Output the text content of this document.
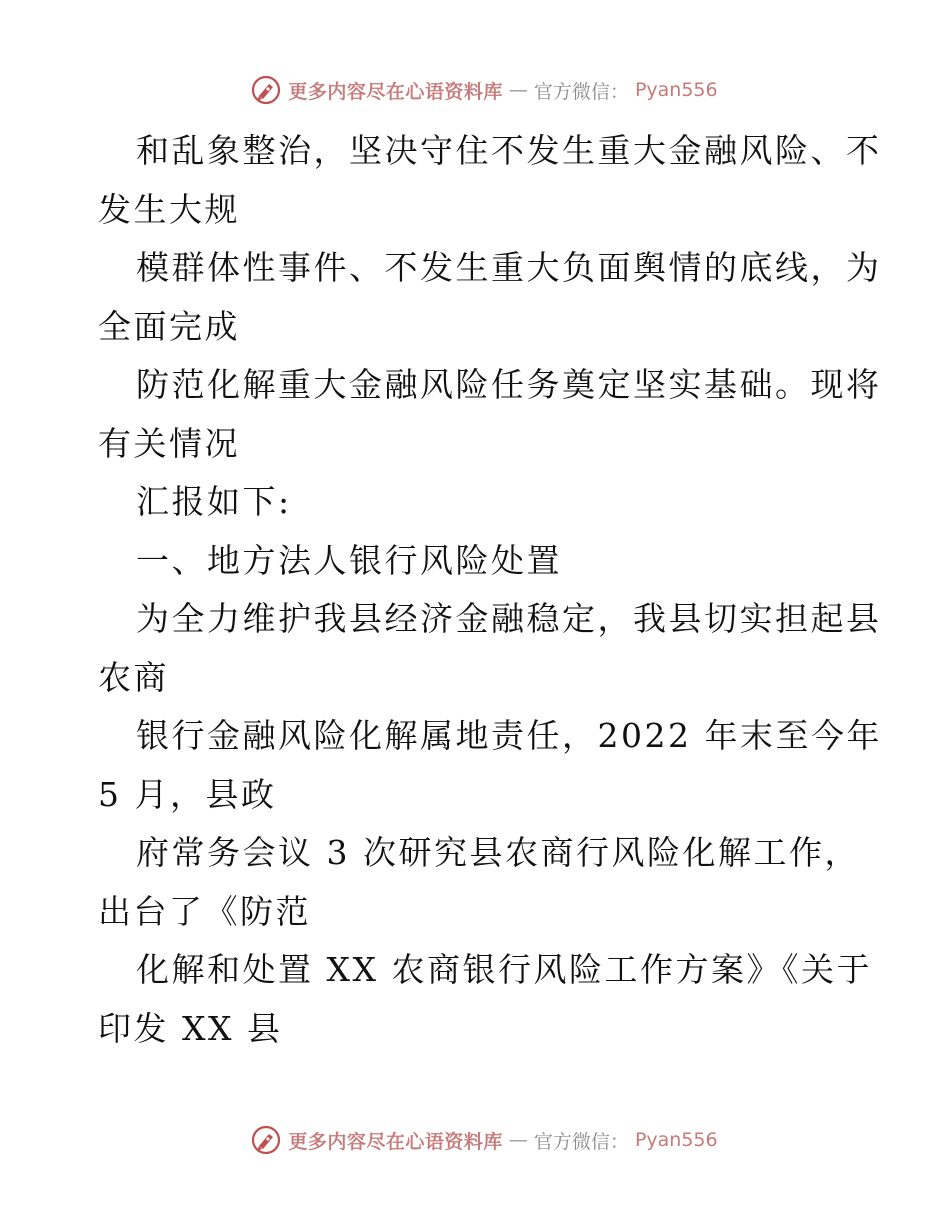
更多内容尽在心语资料库 — 官方微信： Pyan556
和乱象整治，坚决守住不发生重大金融风险、不
发生大规
模群体性事件、不发生重大负面舆情的底线，为
全面完成
防范化解重大金融风险任务奠定坚实基础。现将
有关情况
汇报如下:
一、地方法人银行风险处置
为全力维护我县经济金融稳定，我县切实担起县
农商
银行金融风险化解属地责任，2022 年末至今年
5 月，县政
府常务会议 3 次研究县农商行风险化解工作，
出台了《防范
化解和处置 XX 农商银行风险工作方案》《关于
印发 XX 县
更多内容尽在心语资料库 — 官方微信： Pyan556
